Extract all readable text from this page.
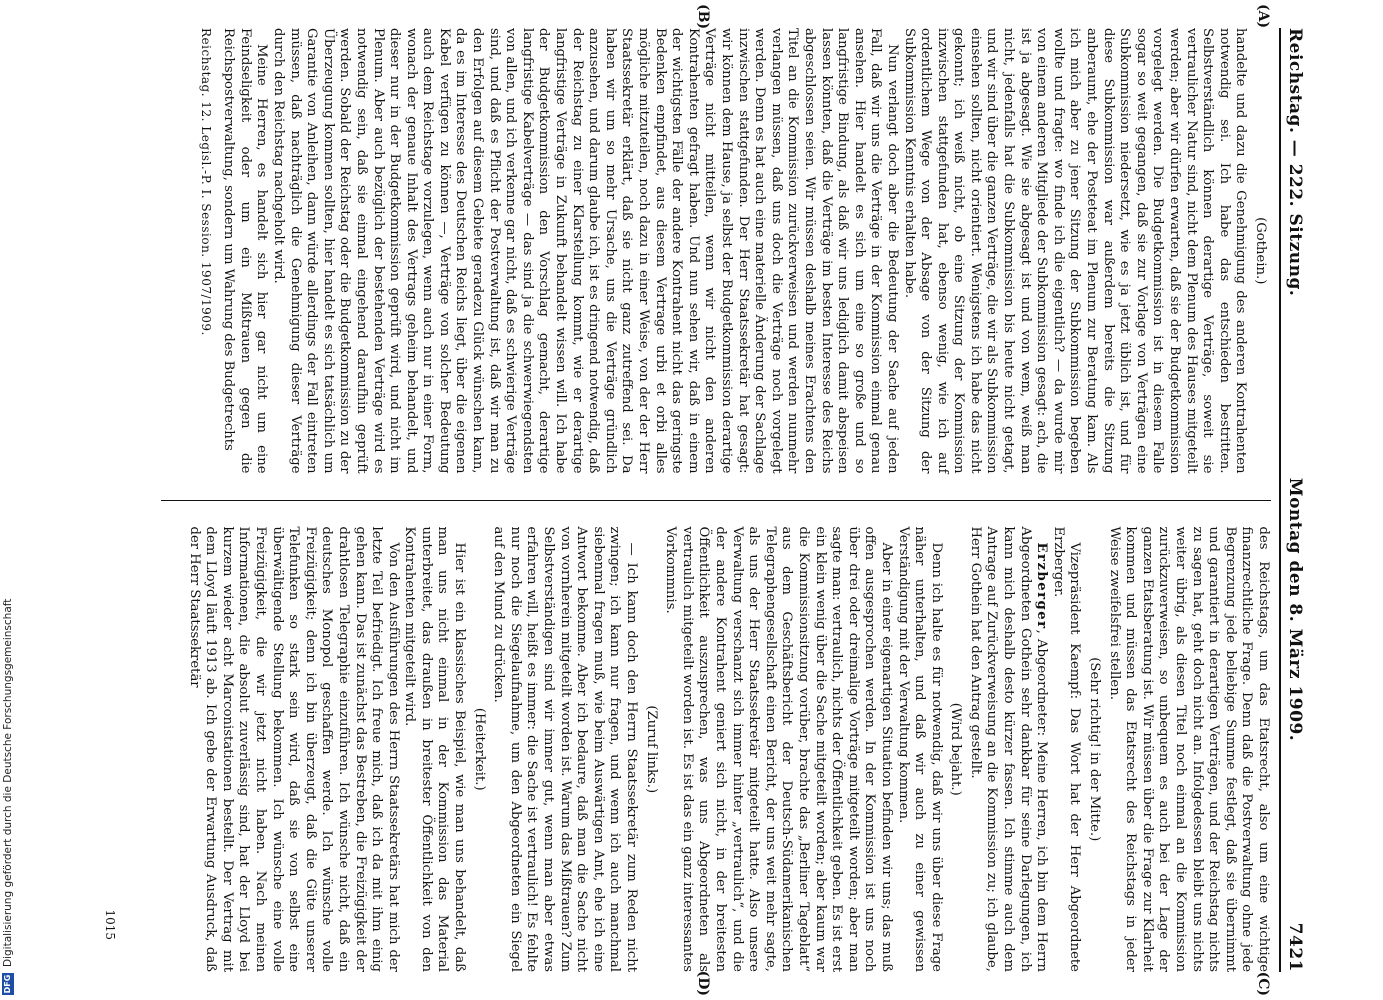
Reichstag. — 222. Sitzung.
Montag den 8. März 1909.
7421
(A)
(B)

(Gothein.)

handelte und dazu die Genehmigung des anderen Kontrahenten notwendig sei. Ich habe das entschieden bestritten. Selbstverständlich können derartige Verträge, soweit sie vertraulicher Natur sind, nicht dem Plenum des Hauses mitgeteilt werden; aber wir dürfen erwarten, daß sie der Budgetkommission vorgelegt werden. Die Budgetkommission ist in diesem Falle sogar so weit gegangen, daß sie zur Vorlage von Verträgen eine Subkommission niedersetzt, wie es ja jetzt üblich ist, und für diese Subkommission war außerdem bereits die Sitzung anberaumt, ehe der Posteteat im Plenum zur Beratung kam. Als ich mich aber zu jener Sitzung der Subkommission begeben wollte und fragte: wo finde ich die eigentlich? — da wurde mir von einem anderen Mitgliede der Subkommission gesagt: ach, die ist ja abgesagt. Wie sie abgesagt ist und von wem, weiß man nicht, jedenfalls hat die Subkommission bis heute nicht getagt, und wir sind über die ganzen Verträge, die wir als Subkommission einsehen sollten, nicht orientiert. Wenigstens ich habe das nicht gekonnt; ich weiß nicht, ob eine Sitzung der Kommission inzwischen stattgefunden hat, ebenso wenig, wie ich auf ordentlichem Wege von der Absage von der Sitzung der Subkommission Kenntnis erhalten habe.

Nun verlangt doch aber die Bedeutung der Sache auf jeden Fall, daß wir uns die Verträge in der Kommission einmal genau ansehen. Hier handelt es sich um eine so große und so langfristige Bindung, als daß wir uns lediglich damit abspeisen lassen könnten, daß die Verträge im besten Interesse des Reichs abgeschlossen seien. Wir müssen deshalb meines Erachtens den Titel an die Kommission zurückverweisen und werden nunmehr verlangen müssen, daß uns doch die Verträge noch vorgelegt werden. Denn es hat auch eine materielle Änderung der Sachlage inzwischen stattgefunden. Der Herr Staatssekretär hat gesagt: wir können dem Hause, ja selbst der Budgetkommission derartige Verträge nicht mitteilen, wenn wir nicht den anderen Kontrahenten gefragt haben. Und nun sehen wir, daß in einem der wichtigsten Fälle der andere Kontrahent nicht das geringste Bedenken empfindet, aus diesem Vertrage urbi et orbi alles mögliche mitzuteilen, noch dazu in einer Weise, von der der Herr Staatssekretär erklärt, daß sie nicht ganz zutreffend sei. Da haben wir um so mehr Ursache, uns die Verträge gründlich anzusehen, und darum glaube ich, ist es dringend notwendig, daß der Reichstag zu einer Klarstellung kommt, wie er derartige langfristige Verträge in Zukunft behandelt wissen will. Ich habe der Budgetkommission den Vorschlag gemacht, derartige langfristige Kabelverträge — das sind ja die schwerwiegendsten von allen, und ich verkenne gar nicht, daß es schwierige Verträge sind, und daß es Pflicht der Postverwaltung ist, daß wir man zu den Erfolgen auf diesem Gebiete geradezu Glück wünschen kann, da es im Interesse des Deutschen Reichs liegt, über die eigenen Kabel verfügen zu können —, Verträge von solcher Bedeutung auch dem Reichstage vorzulegen, wenn auch nur in einer Form, wonach der genaue Inhalt des Vertrags geheim behandelt, und dieser nur in der Budgetkommission geprüft wird, und nicht im Plenum. Aber auch bezüglich der bestehenden Verträge wird es notwendig sein, daß sie einmal eingehend daraufhin geprüft werden. Sobald der Reichstag oder die Budgetkommission zu der Überzeugung kommen sollten, hier handelt es sich tatsächlich um Garantie von Anleihen, dann würde allerdings der Fall eintreten müssen, daß nachträglich die Genehmigung dieser Verträge durch den Reichstag nachgeholt wird.

Meine Herren, es handelt sich hier gar nicht um eine Feindseligkeit oder um ein Mißtrauen gegen die Reichspostverwaltung, sondern um Wahrung des Budgetrechts

Reichstag. 12. Legisl.-P. I. Session. 1907/1909.
(C)
(D)

des Reichstags, um das Etatsrecht, also um eine wichtige finanzrechtliche Frage. Denn daß die Postverwaltung ohne jede Begrenzung jede beliebige Summe festlegt, daß sie übernimmt und garantiert in derartigen Verträgen, und der Reichstag nichts zu sagen hat, geht doch nicht an. Infolgedessen bleibt uns nichts weiter übrig, als diesen Titel noch einmal an die Kommission zurückzuverweisen, so unbequem es auch bei der Lage der ganzen Etatsberatung ist. Wir müssen über die Frage zur Klarheit kommen und müssen das Etatsrecht des Reichstags in jeder Weise zweifelsfrei stellen.

(Sehr richtig! in der Mitte.)

Vizepräsident Kaempf: Das Wort hat der Herr Abgeordnete Erzberger.

Erzberger, Abgeordneter: Meine Herren, ich bin dem Herrn Abgeordneten Gothein sehr dankbar für seine Darlegungen, ich kann mich deshalb desto kürzer fassen. Ich stimme auch dem Antrage auf Zurückverweisung an die Kommission zu; ich glaube, Herr Gothein hat den Antrag gestellt.

(Wird bejaht.)

Denn ich halte es für notwendig, daß wir uns über diese Frage näher unterhalten, und daß wir auch zu einer gewissen Verständigung mit der Verwaltung kommen.

Aber in einer eigenartigen Situation befinden wir uns; das muß offen ausgesprochen werden. In der Kommission ist uns noch über drei oder dreimalige Vorträge mitgeteilt worden; aber man sagte man: vertraulich, nichts der Öffentlichkeit geben. Es ist erst ein klein wenig über die Sache mitgeteilt worden; aber kaum war die Kommissionsitzung vorüber, brachte das „Berliner Tageblatt“ aus dem Geschäftsbericht der Deutsch-Südamerikanischen Telegraphengesellschaft einen Bericht, der uns weit mehr sagte, als uns der Herr Staatssekretär mitgeteilt hatte. Also unsere Verwaltung verschanzt sich immer hinter „vertraulich“, und die der andere Kontrahent geniert sich nicht, in der breitesten Öffentlichkeit auszusprechen, was uns Abgeordneten als vertraulich mitgeteilt worden ist. Es ist das ein ganz interessantes Vorkommnis.

(Zuruf links.)

— Ich kann doch den Herrn Staatssekretär zum Reden nicht zwingen; ich kann nur fragen, und wenn ich auch manchmal siebenmal fragen muß, wie beim Auswärtigen Amt, ehe ich eine Antwort bekomme. Aber ich bedaure, daß man die Sache nicht von vornherein mitgeteilt worden ist. Warum das Mißtrauen? Zum Selbstverständigen sind wir immer gut, wenn man aber etwas erfahren will, heißt es immer: die Sache ist vertraulich! Es fehlte nur noch die Siegelaufnahme, um den Abgeordneten ein Siegel auf den Mund zu drücken.

(Heiterkeit.)

Hier ist ein klassisches Beispiel, wie man uns behandelt, daß man uns nicht einmal in der Kommission das Material unterbreitet, das draußen in breitester Öffentlichkeit von den Kontrahenten mitgeteilt wird.

Von den Ausführungen des Herrn Staatssekretärs hat mich der letzte Teil befriedigt. Ich freue mich, daß ich da mit ihm einig gehen kann. Das ist zunächst das Bestreben, die Freizügigkeit der drahtlosen Telegraphie einzuführen. Ich wünsche nicht, daß ein deutsches Monopol geschaffen werde. Ich wünsche volle Freizügigkeit; denn ich bin überzeugt, daß die Güte unserer Telefunken so stark sein wird, daß sie von selbst eine überwältigende Stellung bekommen. Ich wünsche eine volle Freizügigkeit, die wir jetzt nicht haben. Nach meinen Informationen, die absolut zuverlässig sind, hat der Lloyd bei kurzem wieder acht Marconistationen bestellt. Der Vertrag mit dem Lloyd läuft 1913 ab. Ich gebe der Erwartung Ausdruck, daß der Herr Staatssekretär

1015
DFG
Digitalisierung gefördert durch die Deutsche Forschungsgemeinschaft
